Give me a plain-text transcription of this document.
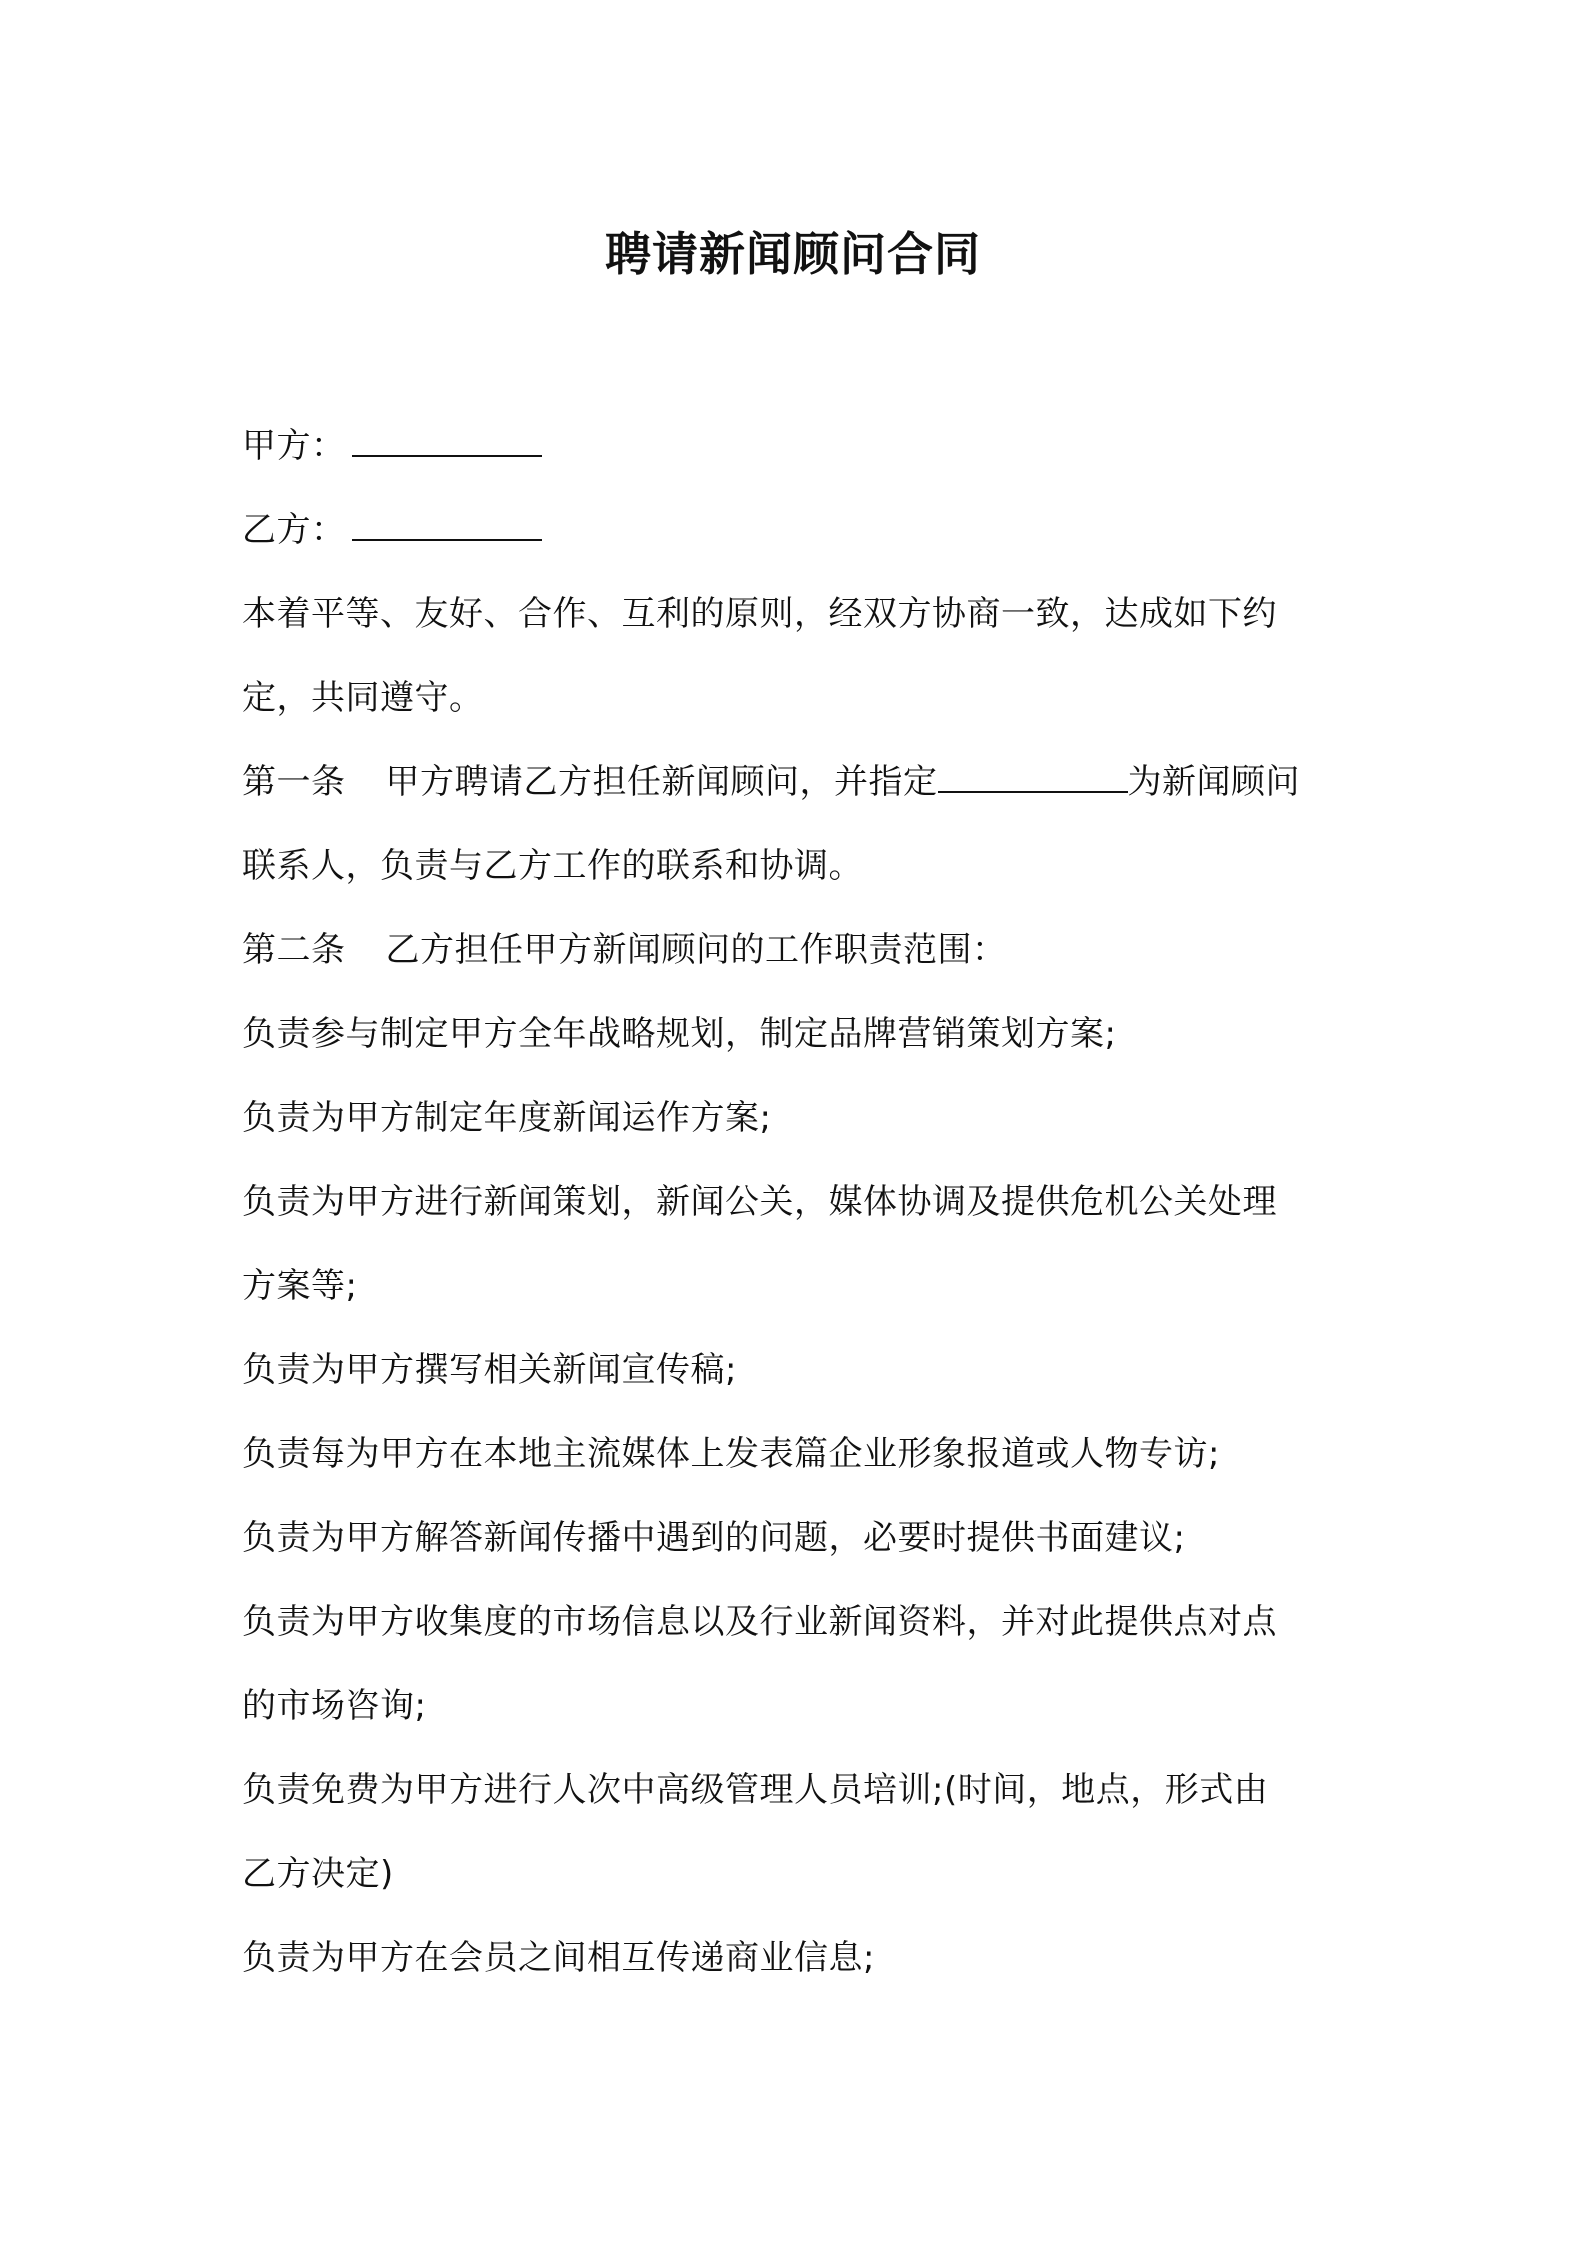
聘请新闻顾问合同
甲方：
乙方：
本着平等、友好、合作、互利的原则，经双方协商一致，达成如下约
定，共同遵守。
第一条 甲方聘请乙方担任新闻顾问，并指定	为新闻顾问
联系人，负责与乙方工作的联系和协调。
第二条 乙方担任甲方新闻顾问的工作职责范围：
负责参与制定甲方全年战略规划，制定品牌营销策划方案;
负责为甲方制定年度新闻运作方案;
负责为甲方进行新闻策划，新闻公关，媒体协调及提供危机公关处理
方案等;
负责为甲方撰写相关新闻宣传稿;
负责每为甲方在本地主流媒体上发表篇企业形象报道或人物专访;
负责为甲方解答新闻传播中遇到的问题，必要时提供书面建议;
负责为甲方收集度的市场信息以及行业新闻资料，并对此提供点对点
的市场咨询;
负责免费为甲方进行人次中高级管理人员培训;(时间，地点，形式由
乙方决定)
负责为甲方在会员之间相互传递商业信息;
